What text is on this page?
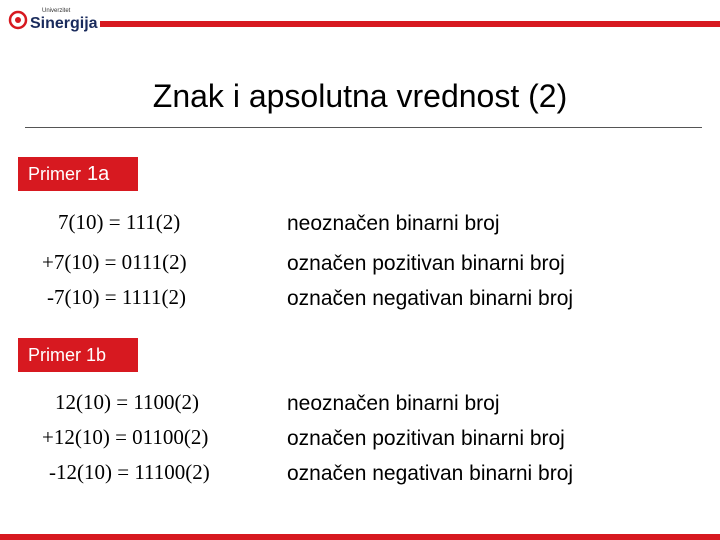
Univerzitet
Sinergija
Znak i apsolutna vrednost (2)
Primer 1a
7(10) = 111(2)	neoznačen binarni broj
+7(10) = 0111(2)	označen pozitivan binarni broj
-7(10) = 1111(2)	označen negativan binarni broj
Primer 1b
12(10) = 1100(2)	neoznačen binarni broj
+12(10) = 01100(2)	označen pozitivan binarni broj
-12(10) = 11100(2)	označen negativan binarni broj
